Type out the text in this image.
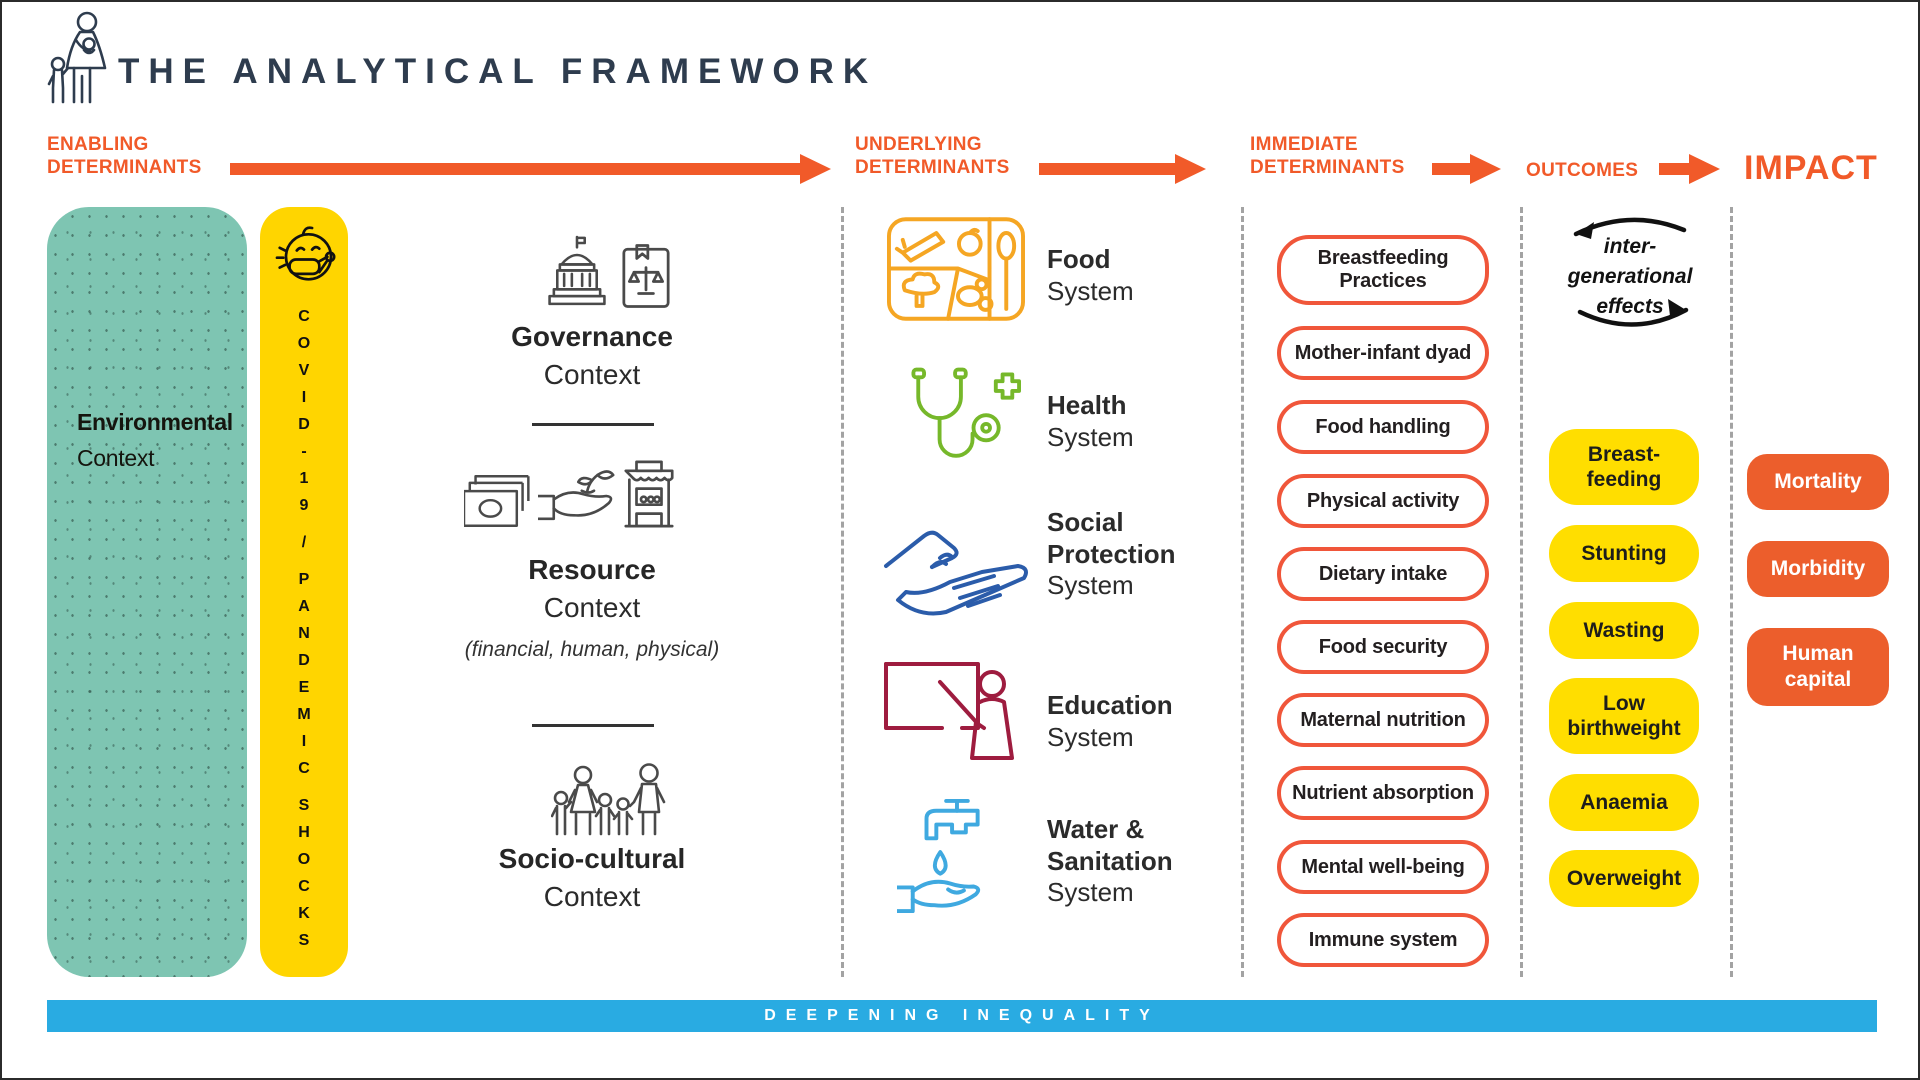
THE ANALYTICAL FRAMEWORK
ENABLING
DETERMINANTS
UNDERLYING
DETERMINANTS
IMMEDIATE
DETERMINANTS	OUTCOMES	IMPACT
Environmental
Context
C
O
V
I
D
-
1
9
/
P
A
N
D
E
M
I
C
S
H
O
C
K
S
Governance
Context
Resource
Context
(financial, human, physical)
Socio-cultural
Context
Food
System
Health
System
Social
Protection
System
Education
System
Water &
Sanitation
System
Breastfeeding Practices
Mother-infant dyad
Food handling
Physical activity
Dietary intake
Food security
Maternal nutrition
Nutrient absorption
Mental well-being
Immune system
inter-
generational
effects
Breast-feeding
Stunting
Wasting
Low birthweight
Anaemia
Overweight
Mortality
Morbidity
Human capital
DEEPENING INEQUALITY
